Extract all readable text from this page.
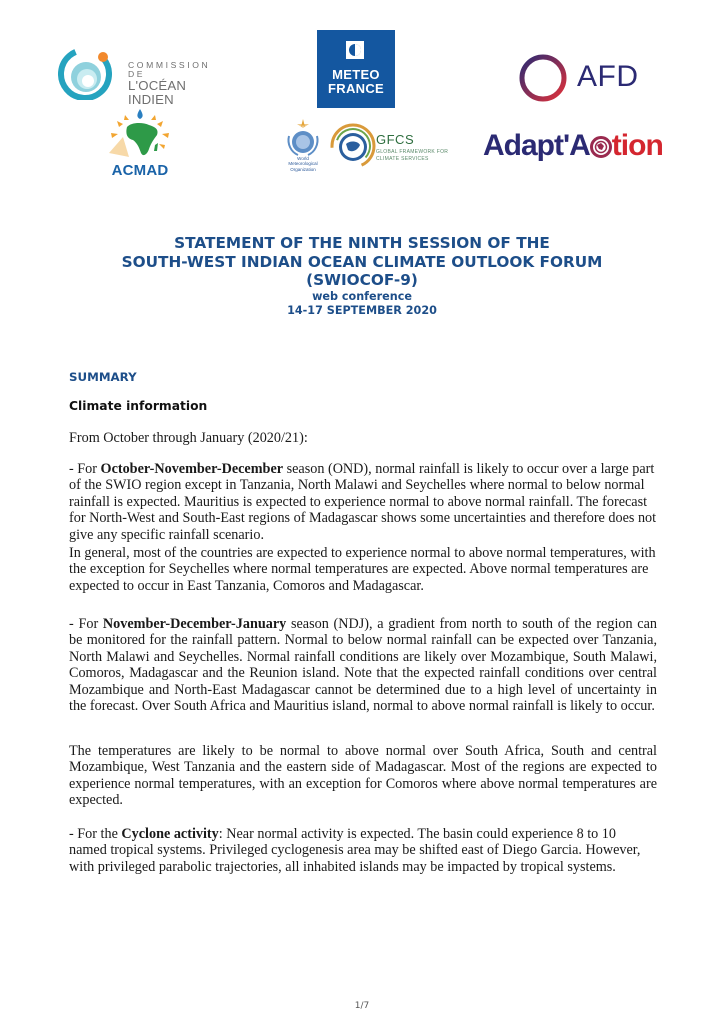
COMMISSION DE
L'OCÉAN INDIEN
METEO
FRANCE	AFD
ACMAD
World
Meteorological
Organization
GFCS
GLOBAL FRAMEWORK FOR
CLIMATE SERVICES	Adapt'A tion
STATEMENT OF THE NINTH SESSION OF THE
SOUTH-WEST INDIAN OCEAN CLIMATE OUTLOOK FORUM
(SWIOCOF-9)
web conference
14-17 SEPTEMBER 2020
SUMMARY
Climate information

From October through January (2020/21):

- For October-November-December season (OND), normal rainfall is likely to occur over a large part of the SWIO region except in Tanzania, North Malawi and Seychelles where normal to below normal rainfall is expected. Mauritius is expected to experience normal to above normal rainfall. The forecast for North-West and South-East regions of Madagascar shows some uncertainties and therefore does not give any specific rainfall scenario.

In general, most of the countries are expected to experience normal to above normal temperatures, with the exception for Seychelles where normal temperatures are expected. Above normal temperatures are expected to occur in East Tanzania, Comoros and Madagascar.

- For November-December-January season (NDJ), a gradient from north to south of the region can be monitored for the rainfall pattern. Normal to below normal rainfall can be expected over Tanzania, North Malawi and Seychelles. Normal rainfall conditions are likely over Mozambique, South Malawi, Comoros, Madagascar and the Reunion island. Note that the expected rainfall conditions over central Mozambique and North-East Madagascar cannot be determined due to a high level of uncertainty in the forecast. Over South Africa and Mauritius island, normal to above normal rainfall is likely to occur.

The temperatures are likely to be normal to above normal over South Africa, South and central Mozambique, West Tanzania and the eastern side of Madagascar. Most of the regions are expected to experience normal temperatures, with an exception for Comoros where above normal temperatures are expected.

- For the Cyclone activity: Near normal activity is expected. The basin could experience 8 to 10 named tropical systems. Privileged cyclogenesis area may be shifted east of Diego Garcia. However, with privileged parabolic trajectories, all inhabited islands may be impacted by tropical systems.

1/7
